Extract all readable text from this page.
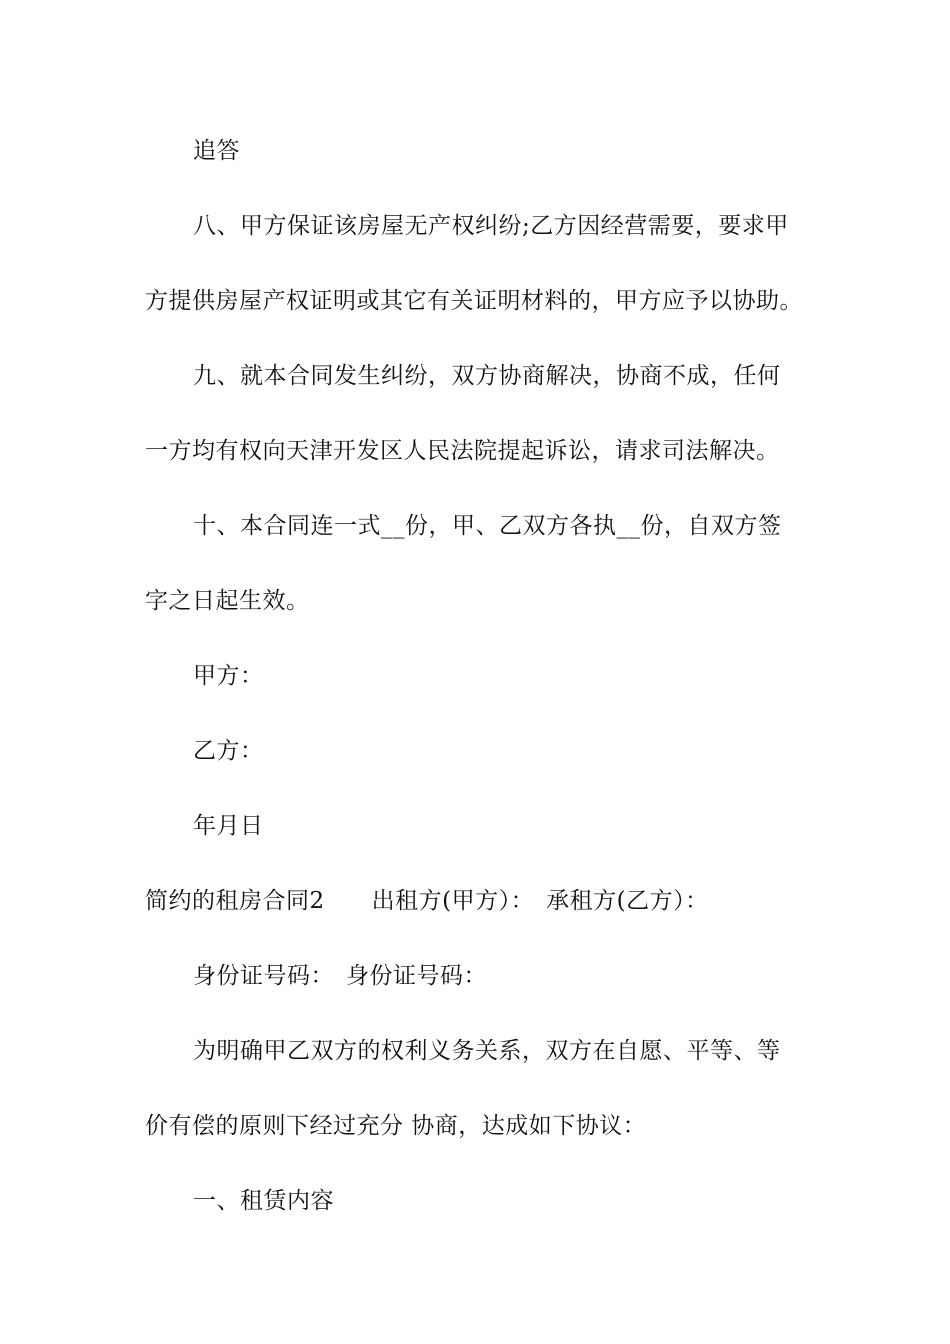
追答
八、甲方保证该房屋无产权纠纷;乙方因经营需要，要求甲
方提供房屋产权证明或其它有关证明材料的，甲方应予以协助。
九、就本合同发生纠纷，双方协商解决，协商不成，任何
一方均有权向天津开发区人民法院提起诉讼，请求司法解决。
十、本合同连一式__份，甲、乙双方各执__份，自双方签
字之日起生效。
甲方：
乙方：
年月日
简约的租房合同2　　出租方(甲方）：　承租方(乙方）：
身份证号码：　身份证号码：
为明确甲乙双方的权利义务关系，双方在自愿、平等、等
价有偿的原则下经过充分 协商，达成如下协议：
一、租赁内容
